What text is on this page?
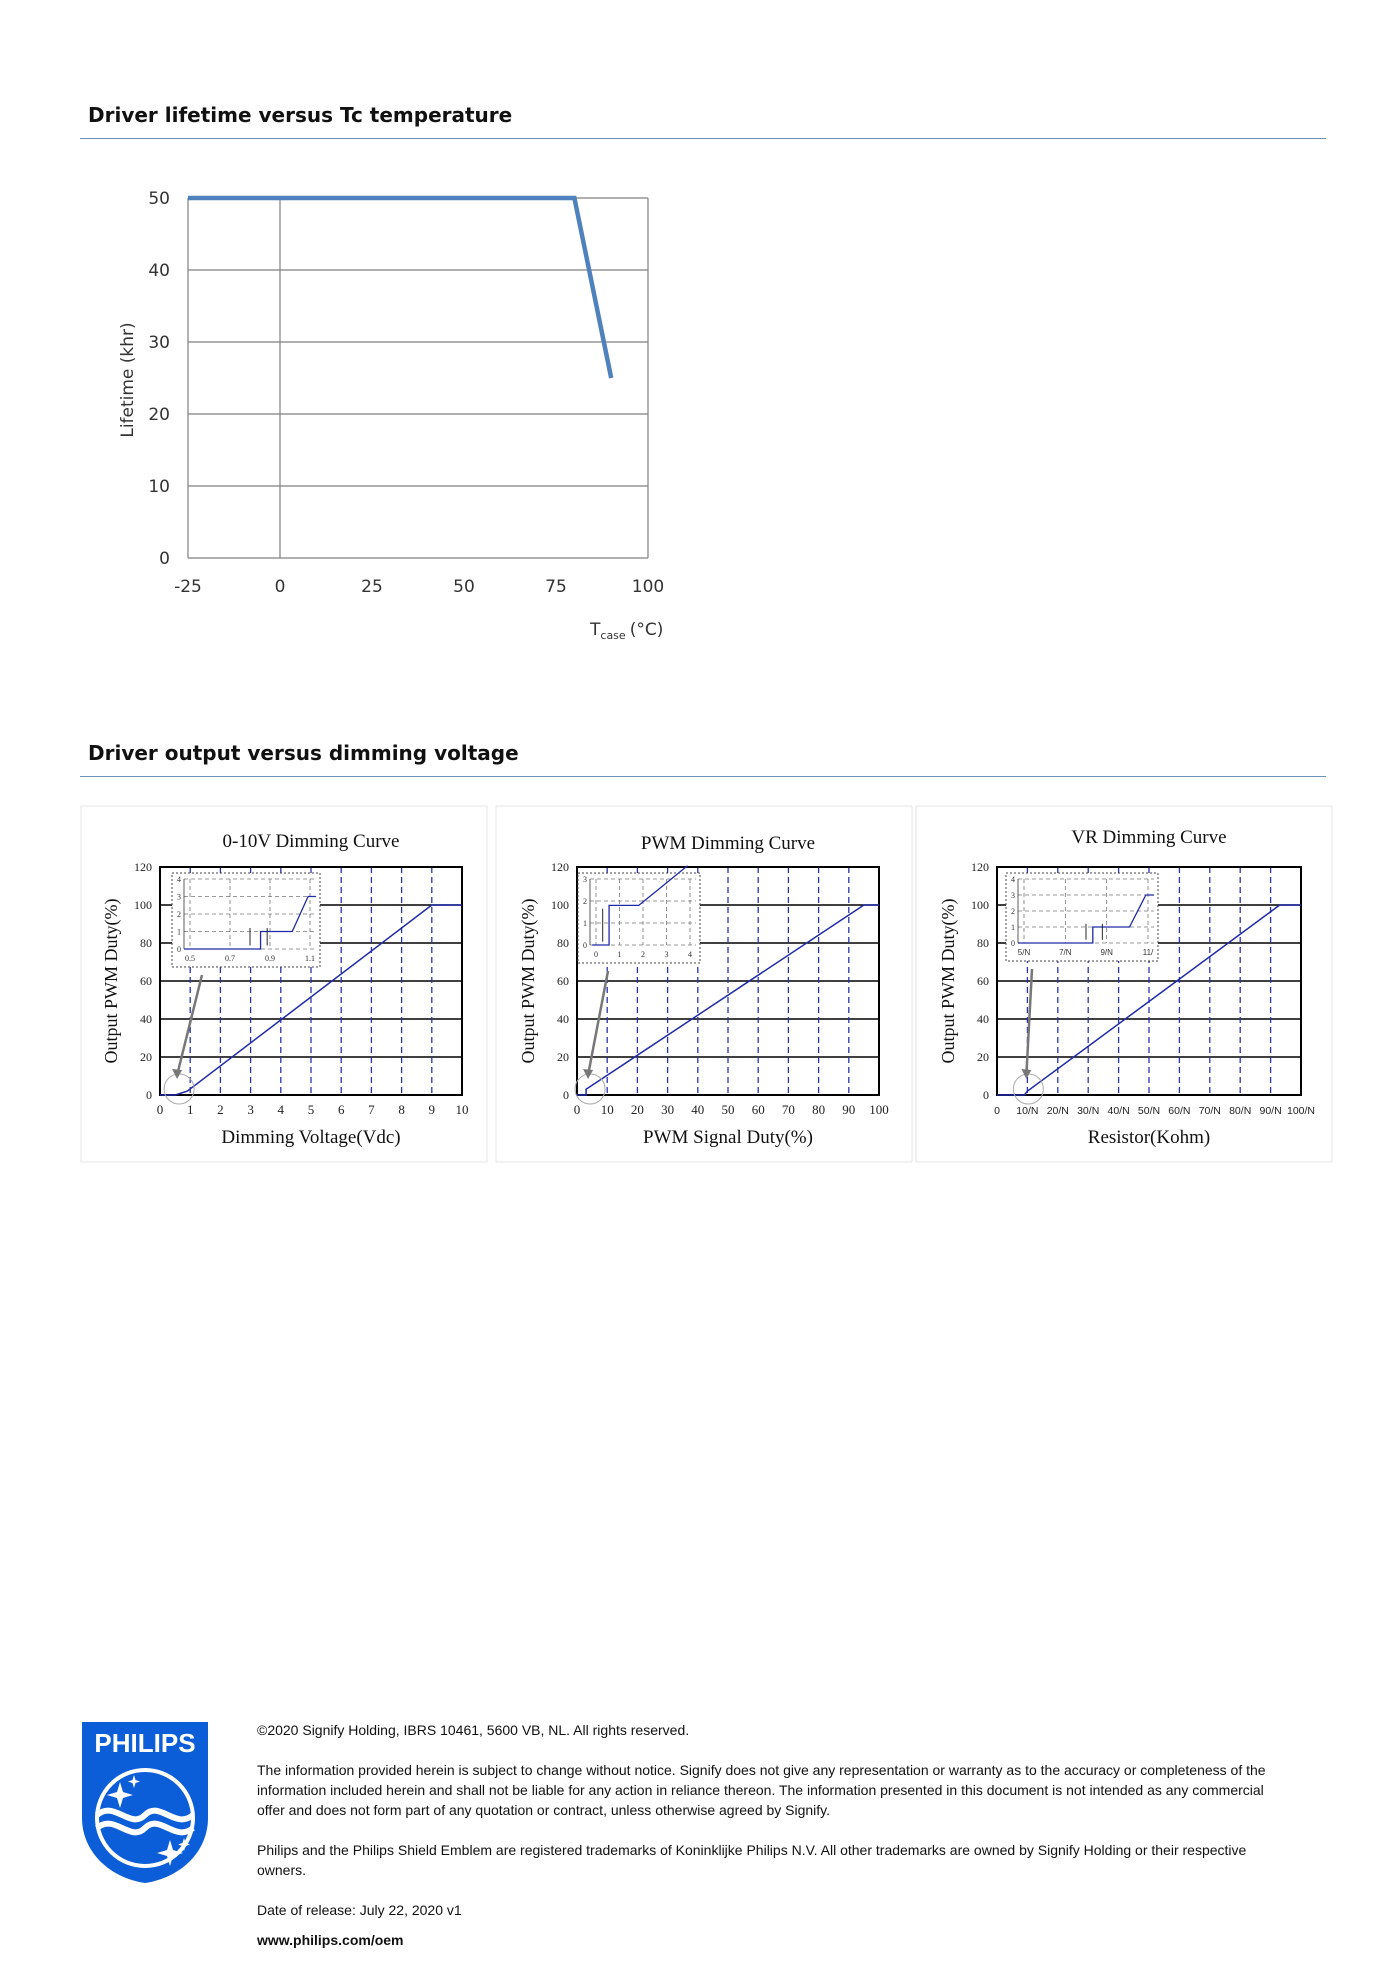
Driver lifetime versus Tc temperature
0
10
20
30
40
50
-25	0	25	50	75	100
Lifetime (khr)
$T_{case}$ (°C)
Driver output versus dimming voltage
0-10V Dimming Curve
0
20
40
60
80
100
120
0 1 2 3 4 5 6 7 8 9 10
Dimming Voltage(Vdc)
Output PWM Duty(%)	0
1
2
3
4
0.5	0.7	0.9	1.1
PWM Dimming Curve
0
20
40
60
80
100
120
0 10 20 30 40 50 60 70 80 90 100
PWM Signal Duty(%)
Output PWM Duty(%)	0
1
2
3
0 1 2 3 4
VR Dimming Curve
0
20
40
60
80
100
120
0 10/N 20/N 30/N 40/N 50/N 60/N 70/N 80/N 90/N 100/N
Resistor(Kohm)
Output PWM Duty(%)	0
1
2
3
4
5/N	7/N	9/N	11/
PHILIPS	©2020 Signify Holding, IBRS 10461, 5600 VB, NL. All rights reserved.

The information provided herein is subject to change without notice. Signify does not give any representation or warranty as to the accuracy or completeness of the information included herein and shall not be liable for any action in reliance thereon. The information presented in this document is not intended as any commercial offer and does not form part of any quotation or contract, unless otherwise agreed by Signify.

Philips and the Philips Shield Emblem are registered trademarks of Koninklijke Philips N.V. All other trademarks are owned by Signify Holding or their respective owners.

Date of release: July 22, 2020 v1

www.philips.com/oem
